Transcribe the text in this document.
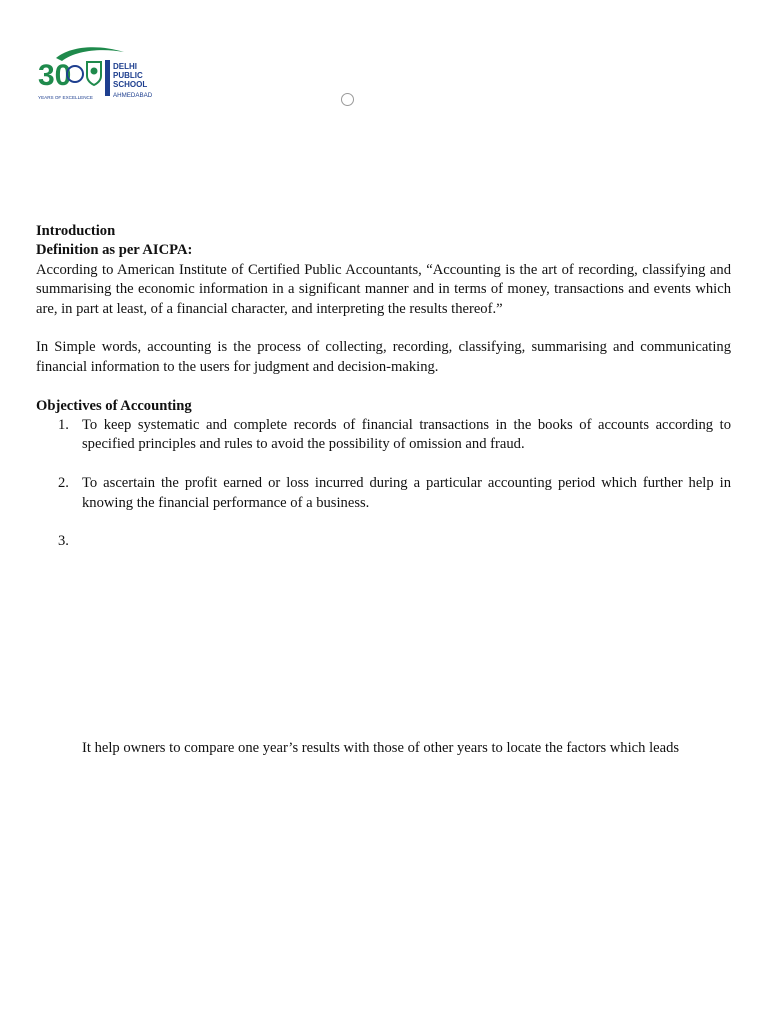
30
YEARS OF EXCELLENCE
DELHI
PUBLIC
SCHOOL
AHMEDABAD

Introduction

Definition as per AICPA:

According to American Institute of Certified Public Accountants, “Accounting is the art of recording, classifying and summarising the economic information in a significant manner and in terms of money, transactions and events which are, in part at least, of a financial character, and interpreting the results thereof.”

In Simple words, accounting is the process of collecting, recording, classifying, summarising and communicating financial information to the users for judgment and decision-making.

Objectives of Accounting

1. To keep systematic and complete records of financial transactions in the books of accounts according to specified principles and rules to avoid the possibility of omission and fraud.
2. To ascertain the profit earned or loss incurred during a particular accounting period which further help in knowing the financial performance of a business.
3.

It help owners to compare one year’s results with those of other years to locate the factors which leads
